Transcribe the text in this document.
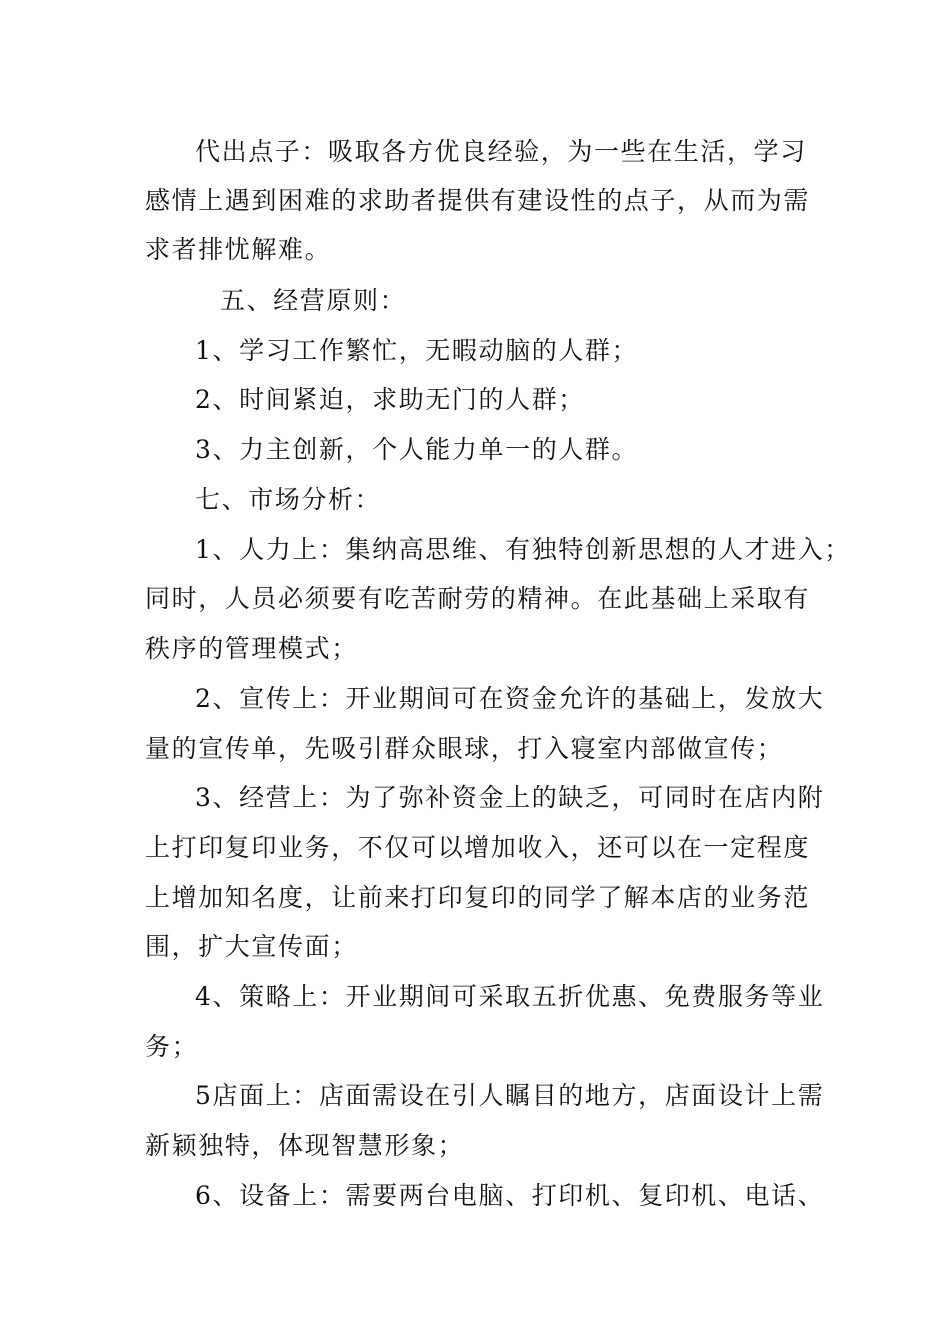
代出点子：吸取各方优良经验，为一些在生活，学习
感情上遇到困难的求助者提供有建设性的点子，从而为需
求者排忧解难。
五、经营原则：
1、学习工作繁忙，无暇动脑的人群；
2、时间紧迫，求助无门的人群；
3、力主创新，个人能力单一的人群。
七、市场分析：
1、人力上：集纳高思维、有独特创新思想的人才进入；
同时，人员必须要有吃苦耐劳的精神。在此基础上采取有
秩序的管理模式；
2、宣传上：开业期间可在资金允许的基础上，发放大
量的宣传单，先吸引群众眼球，打入寝室内部做宣传；
3、经营上：为了弥补资金上的缺乏，可同时在店内附
上打印复印业务，不仅可以增加收入，还可以在一定程度
上增加知名度，让前来打印复印的同学了解本店的业务范
围，扩大宣传面；
4、策略上：开业期间可采取五折优惠、免费服务等业
务；
5店面上：店面需设在引人瞩目的地方，店面设计上需
新颖独特，体现智慧形象；
6、设备上：需要两台电脑、打印机、复印机、电话、
